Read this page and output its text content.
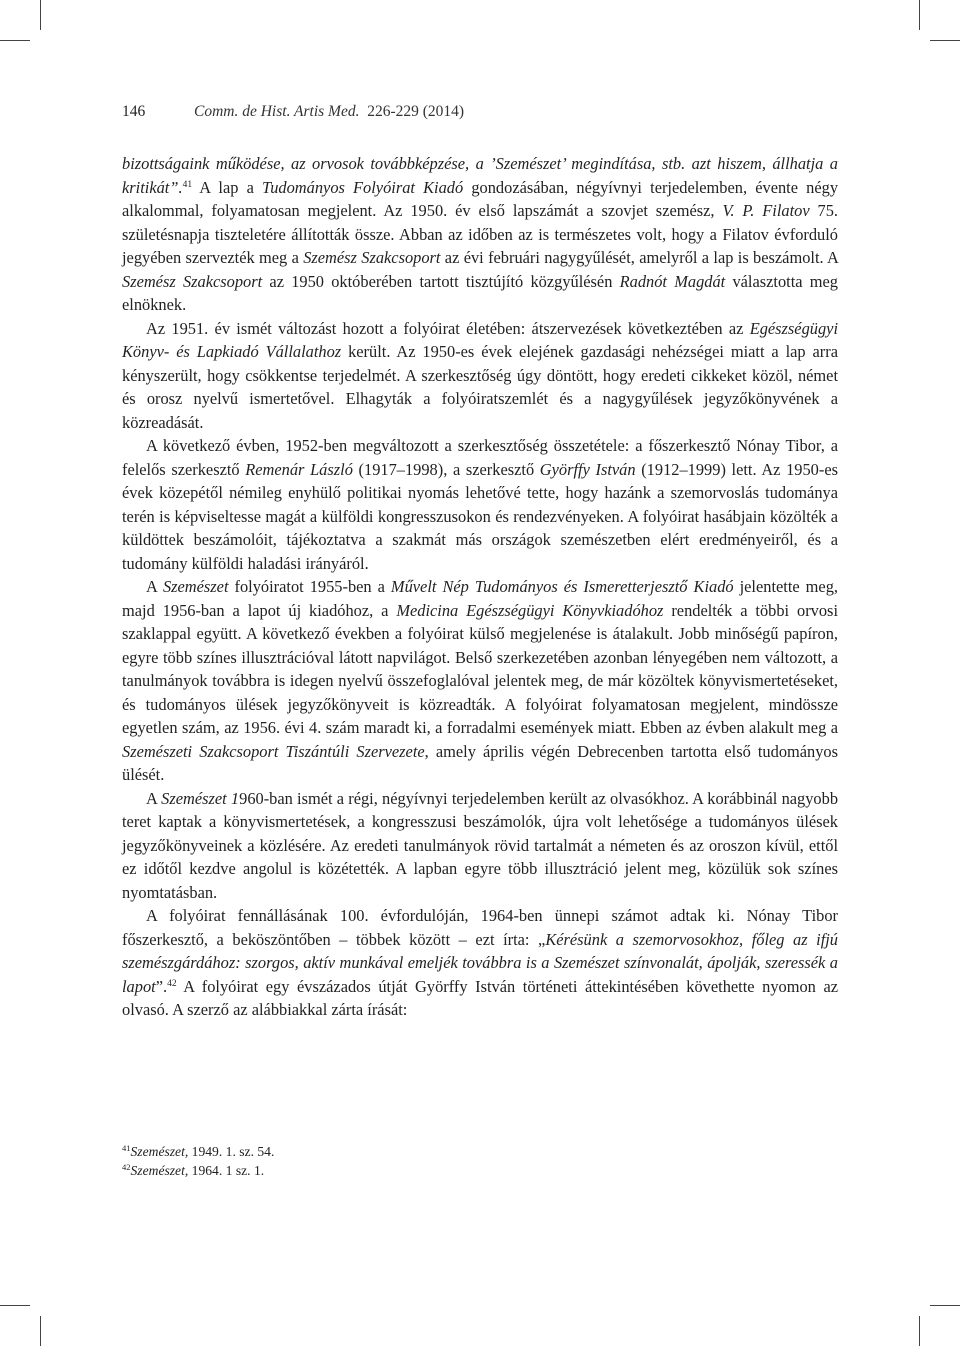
146	Comm. de Hist. Artis Med. 226-229 (2014)

bizottságaink működése, az orvosok továbbképzése, a ’Szemészet’ megindítása, stb. azt hiszem, állhatja a kritikát”.$^{41}$ A lap a Tudományos Folyóirat Kiadó gondozásában, négyívnyi terjedelemben, évente négy alkalommal, folyamatosan megjelent. Az 1950. év első lapszámát a szovjet szemész, V. P. Filatov 75. születésnapja tiszteletére állították össze. Abban az időben az is természetes volt, hogy a Filatov évforduló jegyében szervezték meg a Szemész Szakcsoport az évi februári nagygyűlését, amelyről a lap is beszámolt. A Szemész Szakcsoport az 1950 októberében tartott tisztújító közgyűlésén Radnót Magdát választotta meg elnöknek.

Az 1951. év ismét változást hozott a folyóirat életében: átszervezések következtében az Egészségügyi Könyv- és Lapkiadó Vállalathoz került. Az 1950-es évek elejének gazdasági nehézségei miatt a lap arra kényszerült, hogy csökkentse terjedelmét. A szerkesztőség úgy döntött, hogy eredeti cikkeket közöl, német és orosz nyelvű ismertetővel. Elhagyták a folyóiratszemlét és a nagygyűlések jegyzőkönyvének a közreadását.

A következő évben, 1952-ben megváltozott a szerkesztőség összetétele: a főszerkesztő Nónay Tibor, a felelős szerkesztő Remenár László (1917–1998), a szerkesztő Györffy István (1912–1999) lett. Az 1950-es évek közepétől némileg enyhülő politikai nyomás lehetővé tette, hogy hazánk a szemorvoslás tudománya terén is képviseltesse magát a külföldi kongresszusokon és rendezvényeken. A folyóirat hasábjain közölték a küldöttek beszámolóit, tájékoztatva a szakmát más országok szemészetben elért eredményeiről, és a tudomány külföldi haladási irányáról.

A Szemészet folyóiratot 1955-ben a Művelt Nép Tudományos és Ismeretterjesztő Kiadó jelentette meg, majd 1956-ban a lapot új kiadóhoz, a Medicina Egészségügyi Könyvkiadóhoz rendelték a többi orvosi szaklappal együtt. A következő években a folyóirat külső megjelenése is átalakult. Jobb minőségű papíron, egyre több színes illusztrációval látott napvilágot. Belső szerkezetében azonban lényegében nem változott, a tanulmányok továbbra is idegen nyelvű összefoglalóval jelentek meg, de már közöltek könyvismertetéseket, és tudományos ülések jegyzőkönyveit is közreadták. A folyóirat folyamatosan megjelent, mindössze egyetlen szám, az 1956. évi 4. szám maradt ki, a forradalmi események miatt. Ebben az évben alakult meg a Szemészeti Szakcsoport Tiszántúli Szervezete, amely április végén Debrecenben tartotta első tudományos ülését.

A Szemészet 1960-ban ismét a régi, négyívnyi terjedelemben került az olvasókhoz. A korábbinál nagyobb teret kaptak a könyvismertetések, a kongresszusi beszámolók, újra volt lehetősége a tudományos ülések jegyzőkönyveinek a közlésére. Az eredeti tanulmányok rövid tartalmát a németen és az oroszon kívül, ettől ez időtől kezdve angolul is közétették. A lapban egyre több illusztráció jelent meg, közülük sok színes nyomtatásban.

A folyóirat fennállásának 100. évfordulóján, 1964-ben ünnepi számot adtak ki. Nónay Tibor főszerkesztő, a beköszöntőben – többek között – ezt írta: „Kérésünk a szemorvosokhoz, főleg az ifjú szemészgárdához: szorgos, aktív munkával emeljék továbbra is a Szemészet színvonalát, ápolják, szeressék a lapot”.$^{42}$ A folyóirat egy évszázados útját Györffy István történeti áttekintésében követhette nyomon az olvasó. A szerző az alábbiakkal zárta írását:

$^{41}$Szemészet, 1949. 1. sz. 54.

$^{42}$Szemészet, 1964. 1 sz. 1.
